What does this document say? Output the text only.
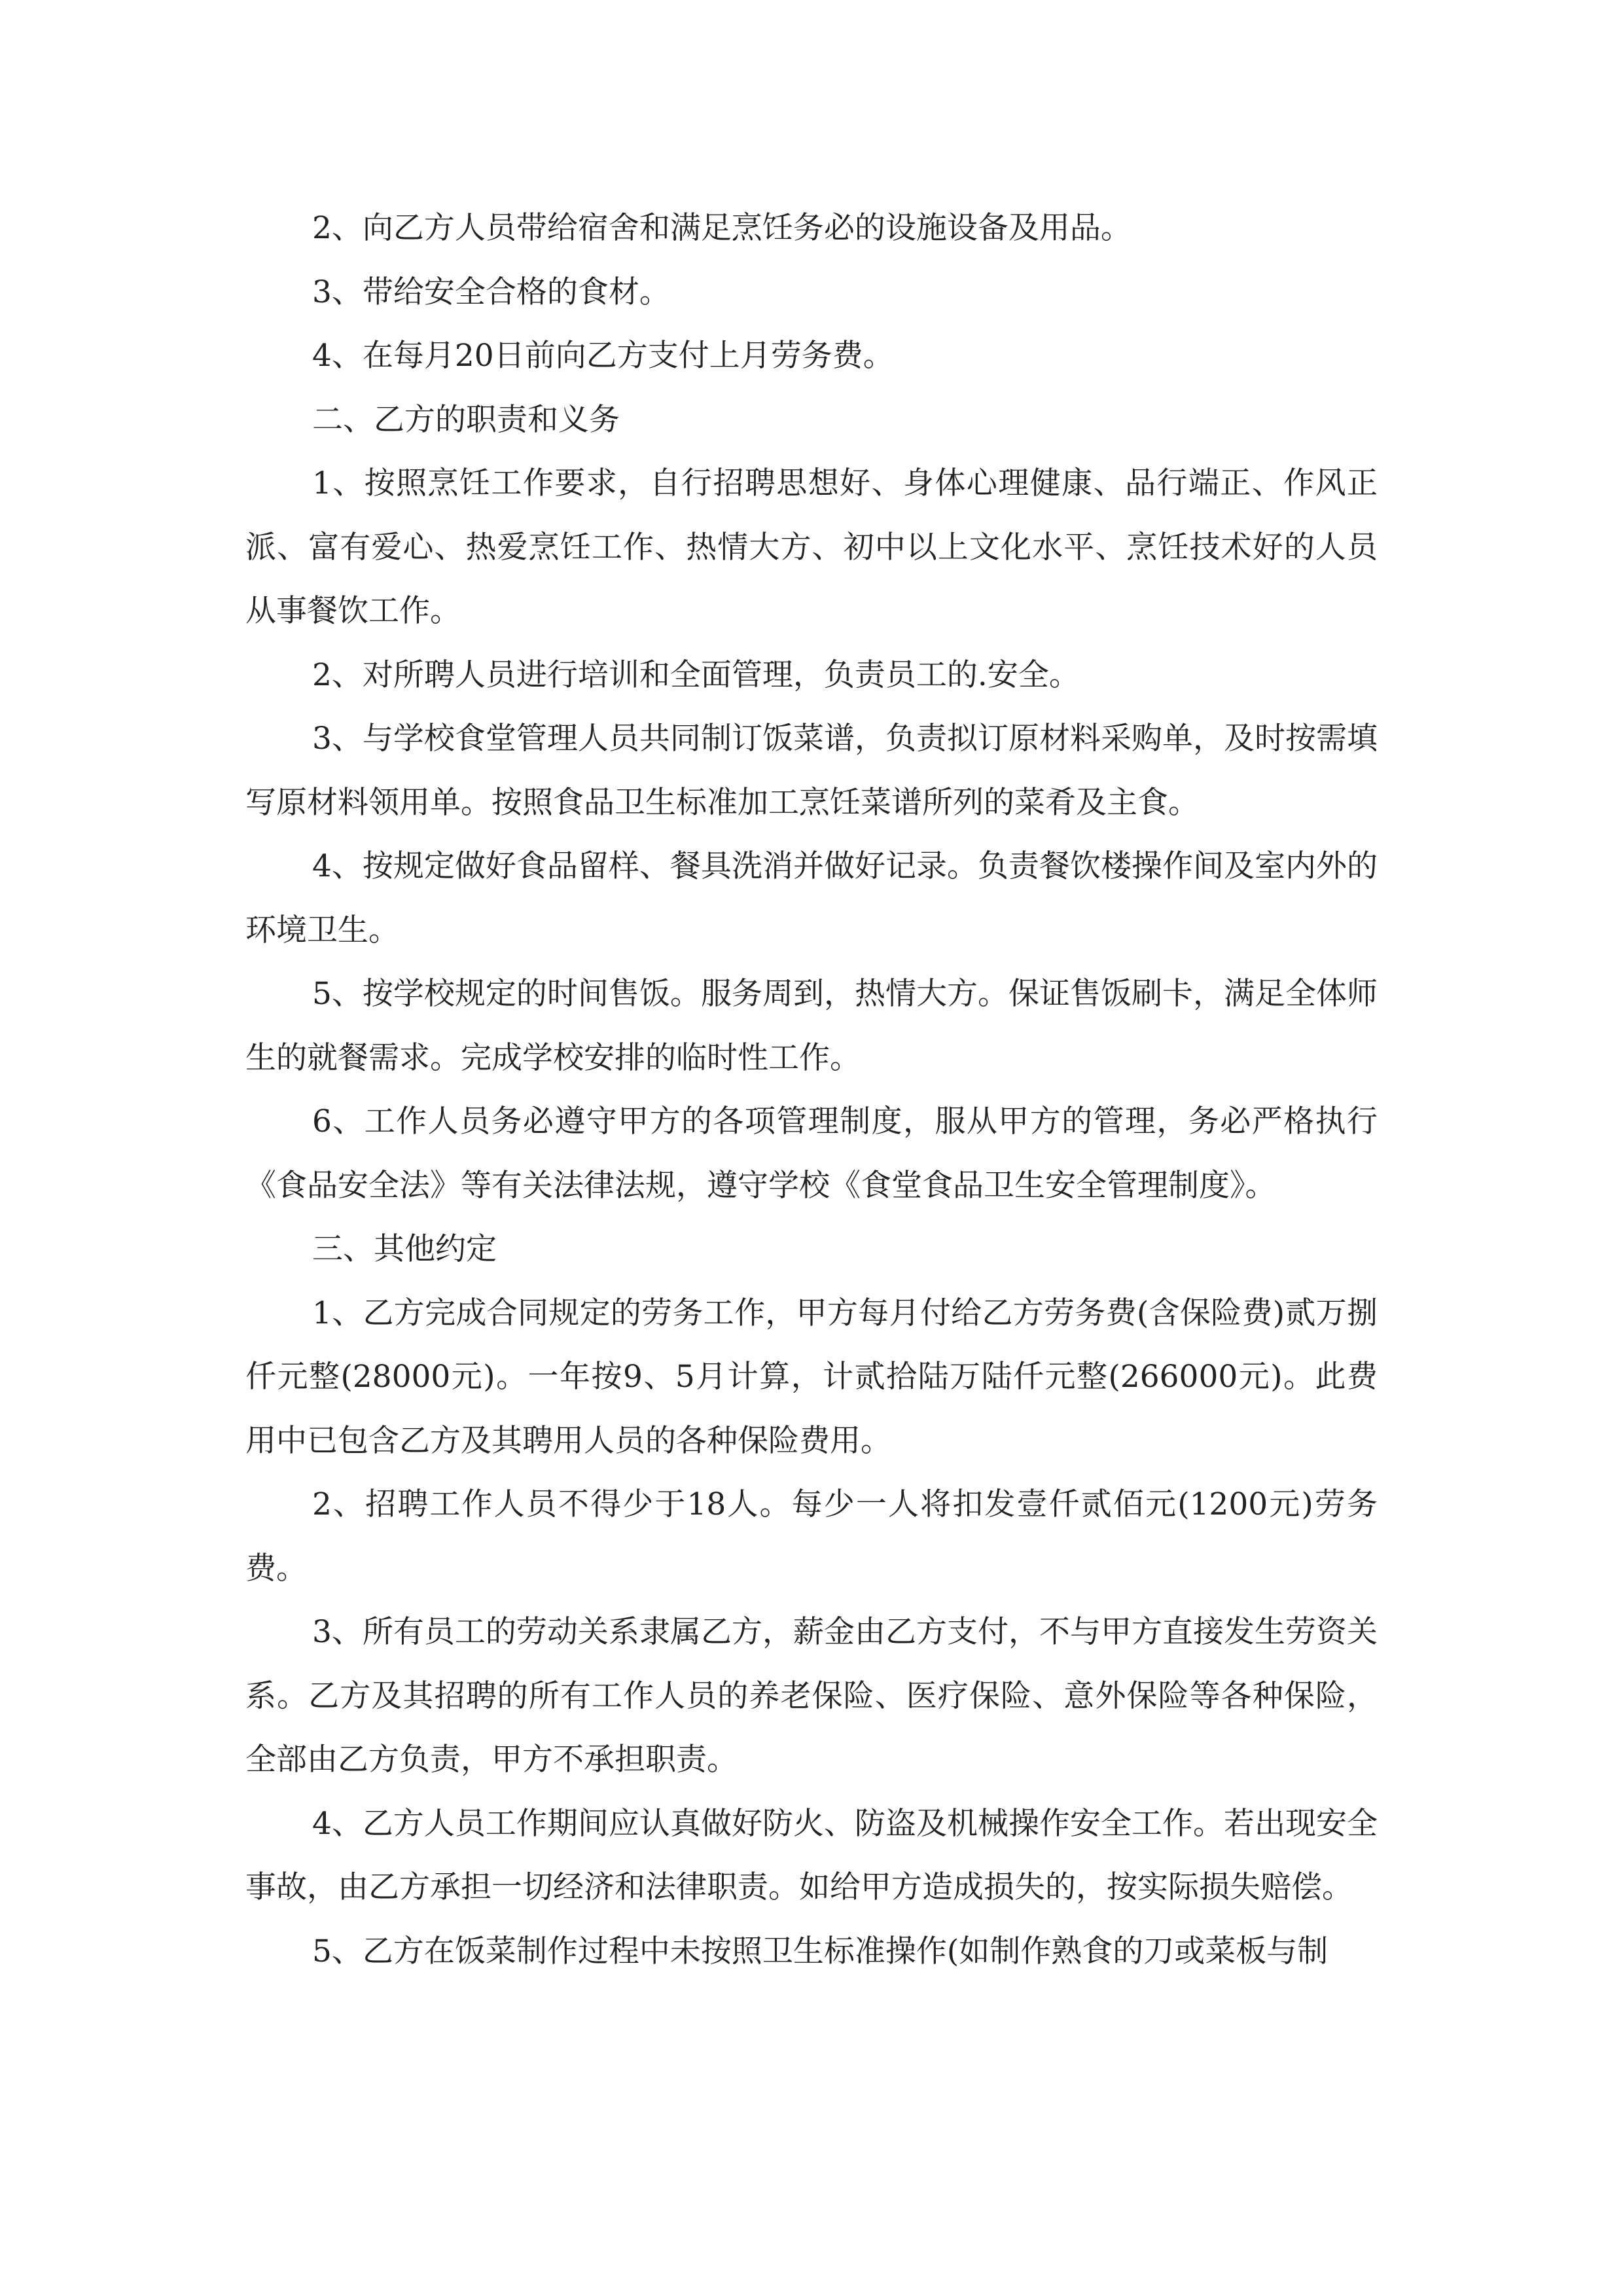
2、向乙方人员带给宿舍和满足烹饪务必的设施设备及用品。

3、带给安全合格的食材。

4、在每月20日前向乙方支付上月劳务费。

二、乙方的职责和义务

1、按照烹饪工作要求，自行招聘思想好、身体心理健康、品行端正、作风正派、富有爱心、热爱烹饪工作、热情大方、初中以上文化水平、烹饪技术好的人员从事餐饮工作。

2、对所聘人员进行培训和全面管理，负责员工的.安全。

3、与学校食堂管理人员共同制订饭菜谱，负责拟订原材料采购单，及时按需填写原材料领用单。按照食品卫生标准加工烹饪菜谱所列的菜肴及主食。

4、按规定做好食品留样、餐具洗消并做好记录。负责餐饮楼操作间及室内外的环境卫生。

5、按学校规定的时间售饭。服务周到，热情大方。保证售饭刷卡，满足全体师生的就餐需求。完成学校安排的临时性工作。

6、工作人员务必遵守甲方的各项管理制度，服从甲方的管理，务必严格执行《食品安全法》等有关法律法规，遵守学校《食堂食品卫生安全管理制度》。

三、其他约定

1、乙方完成合同规定的劳务工作，甲方每月付给乙方劳务费(含保险费)贰万捌仟元整(28000元)。一年按9、5月计算，计贰拾陆万陆仟元整(266000元)。此费用中已包含乙方及其聘用人员的各种保险费用。

2、招聘工作人员不得少于18人。每少一人将扣发壹仟贰佰元(1200元)劳务费。

3、所有员工的劳动关系隶属乙方，薪金由乙方支付，不与甲方直接发生劳资关系。乙方及其招聘的所有工作人员的养老保险、医疗保险、意外保险等各种保险，全部由乙方负责，甲方不承担职责。

4、乙方人员工作期间应认真做好防火、防盗及机械操作安全工作。若出现安全事故，由乙方承担一切经济和法律职责。如给甲方造成损失的，按实际损失赔偿。

5、乙方在饭菜制作过程中未按照卫生标准操作(如制作熟食的刀或菜板与制
